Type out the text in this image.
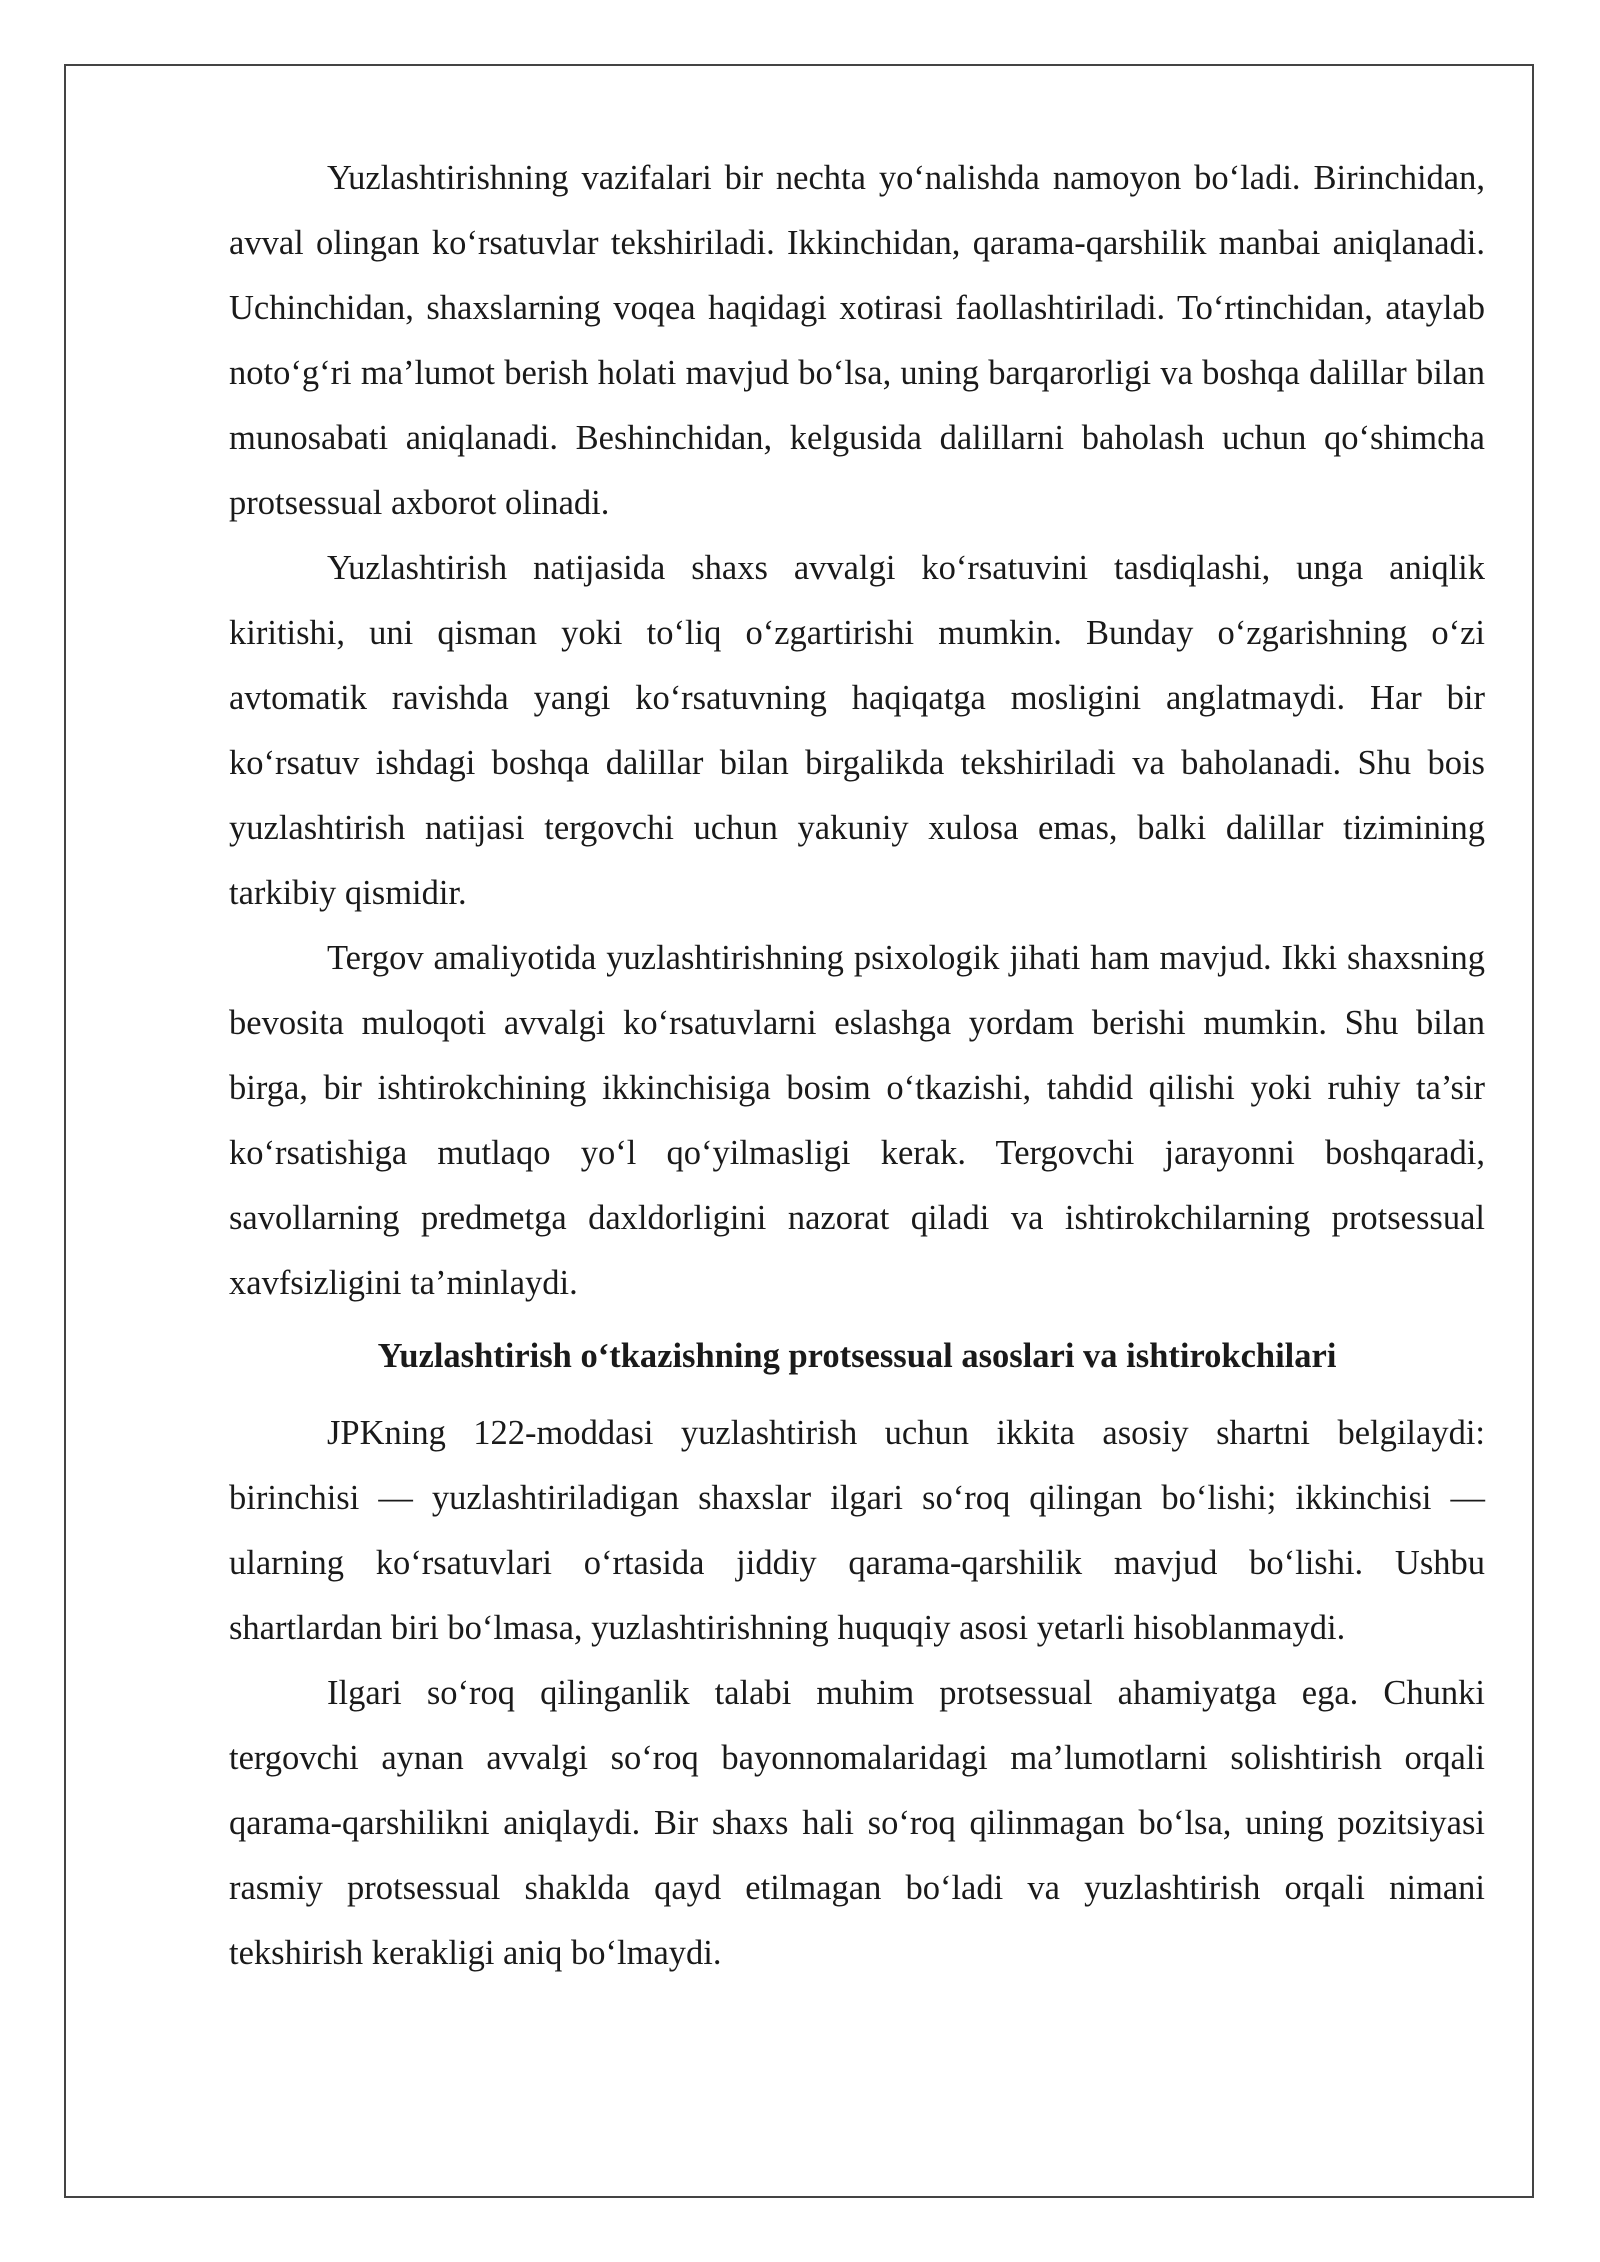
Yuzlashtirishning vazifalari bir nechta yo‘nalishda namoyon bo‘ladi. Birinchidan, avval olingan ko‘rsatuvlar tekshiriladi. Ikkinchidan, qarama-qarshilik manbai aniqlanadi. Uchinchidan, shaxslarning voqea haqidagi xotirasi faollashtiriladi. To‘rtinchidan, ataylab noto‘g‘ri ma’lumot berish holati mavjud bo‘lsa, uning barqarorligi va boshqa dalillar bilan munosabati aniqlanadi. Beshinchidan, kelgusida dalillarni baholash uchun qo‘shimcha protsessual axborot olinadi.

Yuzlashtirish natijasida shaxs avvalgi ko‘rsatuvini tasdiqlashi, unga aniqlik kiritishi, uni qisman yoki to‘liq o‘zgartirishi mumkin. Bunday o‘zgarishning o‘zi avtomatik ravishda yangi ko‘rsatuvning haqiqatga mosligini anglatmaydi. Har bir ko‘rsatuv ishdagi boshqa dalillar bilan birgalikda tekshiriladi va baholanadi. Shu bois yuzlashtirish natijasi tergovchi uchun yakuniy xulosa emas, balki dalillar tizimining tarkibiy qismidir.

Tergov amaliyotida yuzlashtirishning psixologik jihati ham mavjud. Ikki shaxsning bevosita muloqoti avvalgi ko‘rsatuvlarni eslashga yordam berishi mumkin. Shu bilan birga, bir ishtirokchining ikkinchisiga bosim o‘tkazishi, tahdid qilishi yoki ruhiy ta’sir ko‘rsatishiga mutlaqo yo‘l qo‘yilmasligi kerak. Tergovchi jarayonni boshqaradi, savollarning predmetga daxldorligini nazorat qiladi va ishtirokchilarning protsessual xavfsizligini ta’minlaydi.

Yuzlashtirish o‘tkazishning protsessual asoslari va ishtirokchilari

JPKning 122-moddasi yuzlashtirish uchun ikkita asosiy shartni belgilaydi: birinchisi — yuzlashtiriladigan shaxslar ilgari so‘roq qilingan bo‘lishi; ikkinchisi — ularning ko‘rsatuvlari o‘rtasida jiddiy qarama-qarshilik mavjud bo‘lishi. Ushbu shartlardan biri bo‘lmasa, yuzlashtirishning huquqiy asosi yetarli hisoblanmaydi.

Ilgari so‘roq qilinganlik talabi muhim protsessual ahamiyatga ega. Chunki tergovchi aynan avvalgi so‘roq bayonnomalaridagi ma’lumotlarni solishtirish orqali qarama-qarshilikni aniqlaydi. Bir shaxs hali so‘roq qilinmagan bo‘lsa, uning pozitsiyasi rasmiy protsessual shaklda qayd etilmagan bo‘ladi va yuzlashtirish orqali nimani tekshirish kerakligi aniq bo‘lmaydi.
